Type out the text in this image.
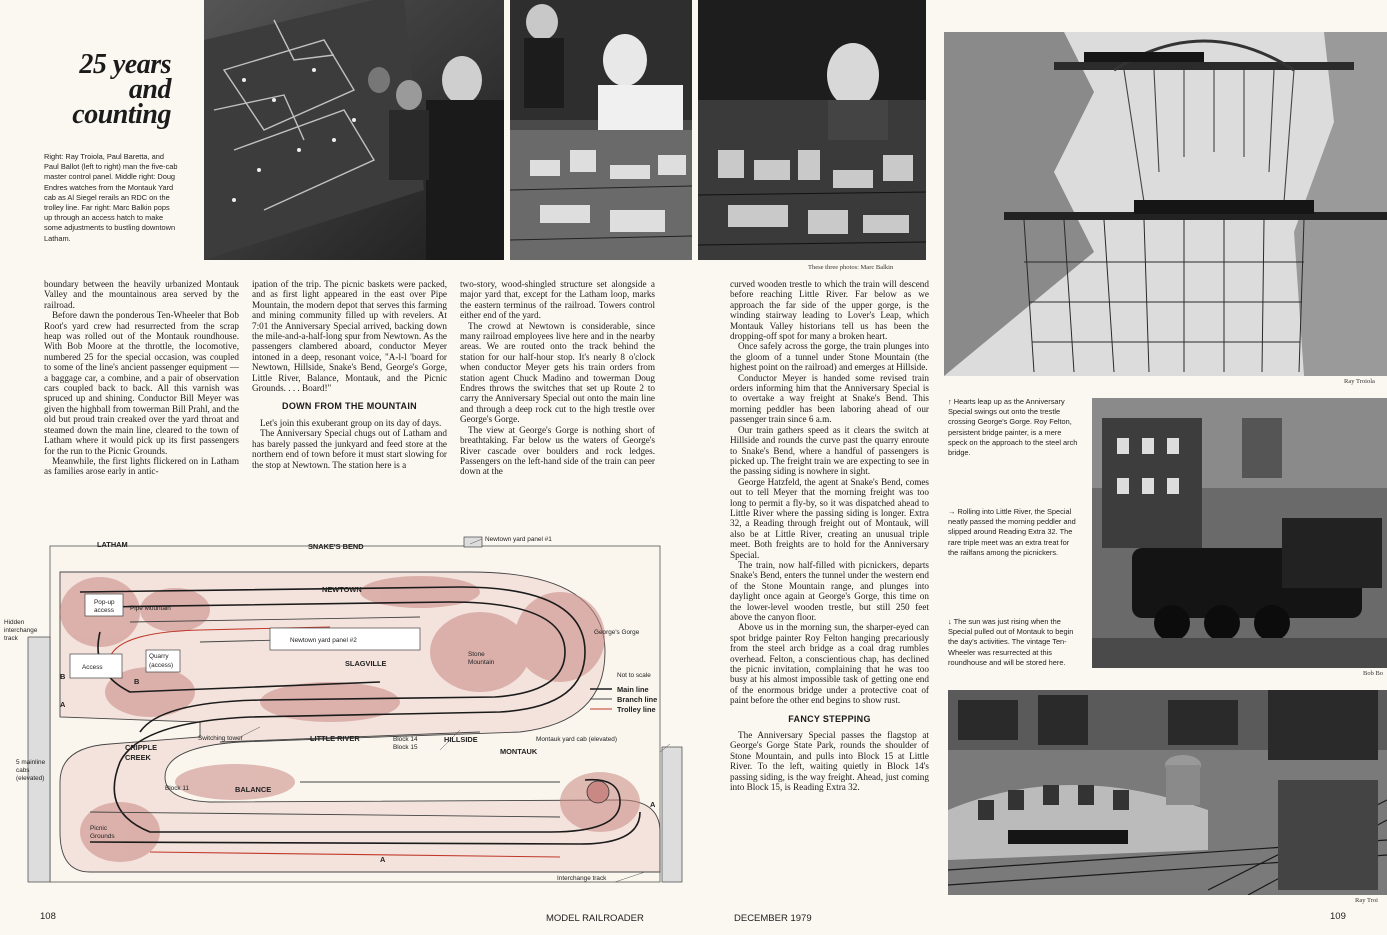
25 years
and
counting
Right: Ray Troiola, Paul Baretta, and Paul Ballot (left to right) man the five-cab master control panel. Middle right: Doug Endres watches from the Montauk Yard cab as Al Siegel rerails an RDC on the trolley line. Far right: Marc Balkin pops up through an access hatch to make some adjustments to bustling downtown Latham.

boundary between the heavily urbanized Montauk Valley and the mountainous area served by the railroad.

Before dawn the ponderous Ten-Wheeler that Bob Root's yard crew had resurrected from the scrap heap was rolled out of the Montauk roundhouse. With Bob Moore at the throttle, the locomotive, numbered 25 for the special occasion, was coupled to some of the line's ancient passenger equipment — a baggage car, a combine, and a pair of observation cars coupled back to back. All this varnish was spruced up and shining. Conductor Bill Meyer was given the highball from towerman Bill Prahl, and the old but proud train creaked over the yard throat and steamed down the main line, cleared to the town of Latham where it would pick up its first passengers for the run to the Picnic Grounds.

Meanwhile, the first lights flickered on in Latham as families arose early in antic-

ipation of the trip. The picnic baskets were packed, and as first light appeared in the east over Pipe Mountain, the modern depot that serves this farming and mining community filled up with revelers. At 7:01 the Anniversary Special arrived, backing down the mile-and-a-half-long spur from Newtown. As the passengers clambered aboard, conductor Meyer intoned in a deep, resonant voice, "A-l-l 'board for Newtown, Hillside, Snake's Bend, George's Gorge, Little River, Balance, Montauk, and the Picnic Grounds. . . . Board!"

DOWN FROM THE MOUNTAIN

Let's join this exuberant group on its day of days.

The Anniversary Special chugs out of Latham and has barely passed the junkyard and feed store at the northern end of town before it must start slowing for the stop at Newtown. The station here is a

two-story, wood-shingled structure set alongside a major yard that, except for the Latham loop, marks the eastern terminus of the railroad. Towers control either end of the yard.

The crowd at Newtown is considerable, since many railroad employees live here and in the nearby areas. We are routed onto the track behind the station for our half-hour stop. It's nearly 8 o'clock when conductor Meyer gets his train orders from station agent Chuck Madino and towerman Doug Endres throws the switches that set up Route 2 to carry the Anniversary Special out onto the main line and through a deep rock cut to the high trestle over George's Gorge.

The view at George's Gorge is nothing short of breathtaking. Far below us the waters of George's River cascade over boulders and rock ledges. Passengers on the left-hand side of the train can peer down at the

LATHAM	SNAKE'S BEND
NEWTOWN
SLAGVILLE
LITTLE RIVER	HILLSIDE
MONTAUK
CRIPPLE
CREEK
BALANCE
Newtown yard panel #1
Newtown yard panel #2
Pop-up
access	Pipe Mountain
Access
Quarry
(access)
Stone
Mountain
George's Gorge
Hidden
interchange
track
Switching tower	Block 14
Block 15
Montauk yard cab (elevated)
5 mainline
cabs
(elevated)
Block 11
Picnic
Grounds
Interchange track
Not to scale
Main line
Branch line
Trolley line
B
B
A
A
A
108	MODEL RAILROADER	DECEMBER 1979	109
These three photos: Marc Balkin

curved wooden trestle to which the train will descend before reaching Little River. Far below as we approach the far side of the upper gorge, is the winding stairway leading to Lover's Leap, which Montauk Valley historians tell us has been the dropping-off spot for many a broken heart.

Once safely across the gorge, the train plunges into the gloom of a tunnel under Stone Mountain (the highest point on the railroad) and emerges at Hillside.

Conductor Meyer is handed some revised train orders informing him that the Anniversary Special is to overtake a way freight at Snake's Bend. This morning peddler has been laboring ahead of our passenger train since 6 a.m.

Our train gathers speed as it clears the switch at Hillside and rounds the curve past the quarry enroute to Snake's Bend, where a handful of passengers is picked up. The freight train we are expecting to see in the passing siding is nowhere in sight.

George Hatzfeld, the agent at Snake's Bend, comes out to tell Meyer that the morning freight was too long to permit a fly-by, so it was dispatched ahead to Little River where the passing siding is longer. Extra 32, a Reading through freight out of Montauk, will also be at Little River, creating an unusual triple meet. Both freights are to hold for the Anniversary Special.

The train, now half-filled with picnickers, departs Snake's Bend, enters the tunnel under the western end of the Stone Mountain range, and plunges into daylight once again at George's Gorge, this time on the lower-level wooden trestle, but still 250 feet above the canyon floor.

Above us in the morning sun, the sharper-eyed can spot bridge painter Roy Felton hanging precariously from the steel arch bridge as a coal drag rumbles overhead. Felton, a conscientious chap, has declined the picnic invitation, complaining that he was too busy at his almost impossible task of getting one end of the enormous bridge under a protective coat of paint before the other end begins to show rust.

FANCY STEPPING

The Anniversary Special passes the flagstop at George's Gorge State Park, rounds the shoulder of Stone Mountain, and pulls into Block 15 at Little River. To the left, waiting quietly in Block 14's passing siding, is the way freight. Ahead, just coming into Block 15, is Reading Extra 32.

Ray Troiola
↑ Hearts leap up as the Anniversary Special swings out onto the trestle crossing George's Gorge. Roy Felton, persistent bridge painter, is a mere speck on the approach to the steel arch bridge.
→ Rolling into Little River, the Special neatly passed the morning peddler and slipped around Reading Extra 32. The rare triple meet was an extra treat for the railfans among the picnickers.
↓ The sun was just rising when the Special pulled out of Montauk to begin the day's activities. The vintage Ten-Wheeler was resurrected at this roundhouse and will be stored here.
Bob Bo
Ray Troi
